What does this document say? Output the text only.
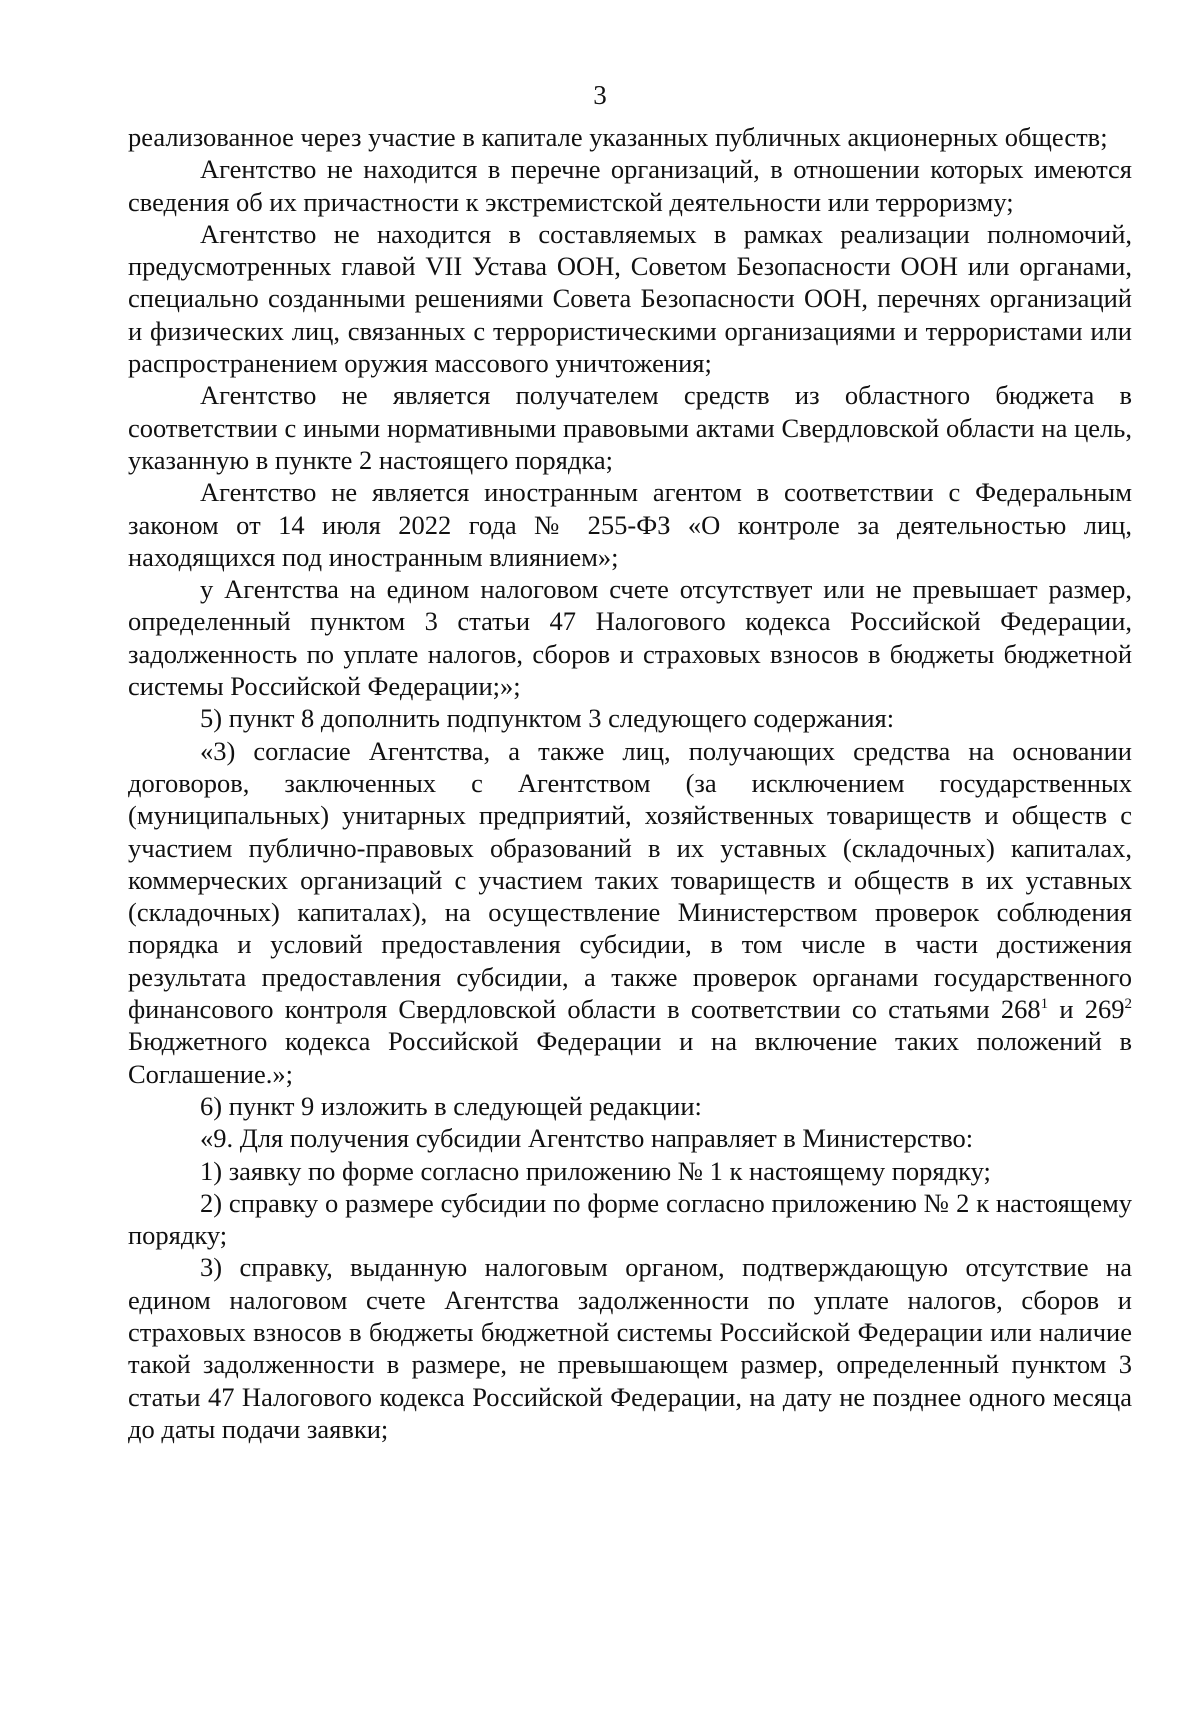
3

реализованное через участие в капитале указанных публичных акционерных обществ;

Агентство не находится в перечне организаций, в отношении которых имеются сведения об их причастности к экстремистской деятельности или терроризму;

Агентство не находится в составляемых в рамках реализации полномочий, предусмотренных главой VII Устава ООН, Советом Безопасности ООН или органами, специально созданными решениями Совета Безопасности ООН, перечнях организаций и физических лиц, связанных с террористическими организациями и террористами или распространением оружия массового уничтожения;

Агентство не является получателем средств из областного бюджета в соответствии с иными нормативными правовыми актами Свердловской области на цель, указанную в пункте 2 настоящего порядка;

Агентство не является иностранным агентом в соответствии с Федеральным законом от 14 июля 2022 года № 255-ФЗ «О контроле за деятельностью лиц, находящихся под иностранным влиянием»;

у Агентства на едином налоговом счете отсутствует или не превышает размер, определенный пунктом 3 статьи 47 Налогового кодекса Российской Федерации, задолженность по уплате налогов, сборов и страховых взносов в бюджеты бюджетной системы Российской Федерации;»;

5) пункт 8 дополнить подпунктом 3 следующего содержания:

«3) согласие Агентства, а также лиц, получающих средства на основании договоров, заключенных с Агентством (за исключением государственных (муниципальных) унитарных предприятий, хозяйственных товариществ и обществ с участием публично-правовых образований в их уставных (складочных) капиталах, коммерческих организаций с участием таких товариществ и обществ в их уставных (складочных) капиталах), на осуществление Министерством проверок соблюдения порядка и условий предоставления субсидии, в том числе в части достижения результата предоставления субсидии, а также проверок органами государственного финансового контроля Свердловской области в соответствии со статьями $268^1$ и $269^2$ Бюджетного кодекса Российской Федерации и на включение таких положений в Соглашение.»;

6) пункт 9 изложить в следующей редакции:

«9. Для получения субсидии Агентство направляет в Министерство:

1) заявку по форме согласно приложению № 1 к настоящему порядку;

2) справку о размере субсидии по форме согласно приложению № 2 к настоящему порядку;

3) справку, выданную налоговым органом, подтверждающую отсутствие на едином налоговом счете Агентства задолженности по уплате налогов, сборов и страховых взносов в бюджеты бюджетной системы Российской Федерации или наличие такой задолженности в размере, не превышающем размер, определенный пунктом 3 статьи 47 Налогового кодекса Российской Федерации, на дату не позднее одного месяца до даты подачи заявки;
